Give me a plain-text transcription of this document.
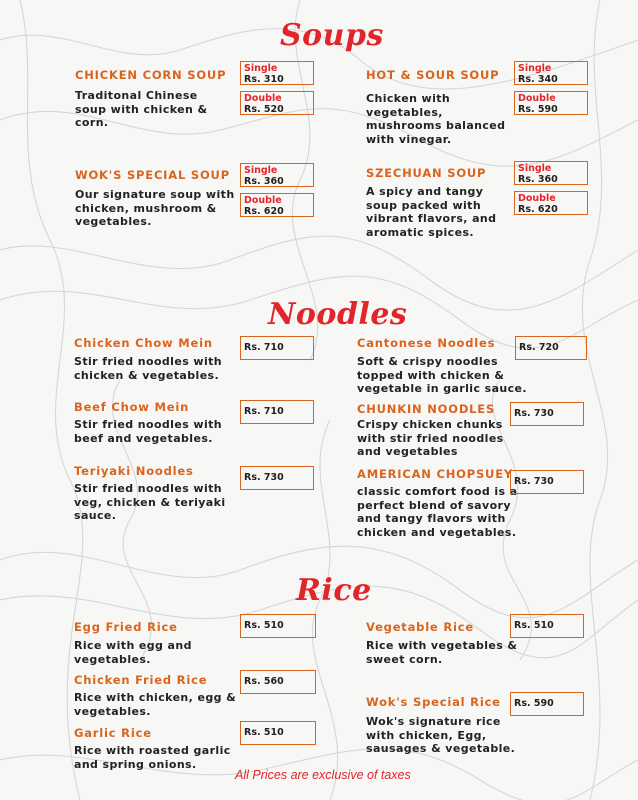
Soups
CHICKEN CORN SOUP
Traditonal Chinese
soup with chicken &
corn.
Single
Rs. 310
Double
Rs. 520
HOT & SOUR SOUP
Chicken with
vegetables,
mushrooms balanced
with vinegar.
Single
Rs. 340
Double
Rs. 590
WOK'S SPECIAL SOUP
Our signature soup with
chicken, mushroom &
vegetables.
Single
Rs. 360
Double
Rs. 620
SZECHUAN SOUP
A spicy and tangy
soup packed with
vibrant flavors, and
aromatic spices.
Single
Rs. 360
Double
Rs. 620
Noodles
Chicken Chow Mein
Stir fried noodles with
chicken & vegetables.
Rs. 710	Cantonese Noodles
Soft & crispy noodles
topped with chicken &
vegetable in garlic sauce.
Rs. 720
Beef Chow Mein
Stir fried noodles with
beef and vegetables.
Rs. 710	CHUNKIN NOODLES
Crispy chicken chunks
with stir fried noodles
and vegetables
Rs. 730
Teriyaki Noodles
Stir fried noodles with
veg, chicken & teriyaki
sauce.
Rs. 730	AMERICAN CHOPSUEY
classic comfort food is a
perfect blend of savory
and tangy flavors with
chicken and vegetables.
Rs. 730
Rice
Egg Fried Rice
Rice with egg and
vegetables.
Rs. 510	Vegetable Rice
Rice with vegetables &
sweet corn.
Rs. 510
Chicken Fried Rice
Rice with chicken, egg &
vegetables.
Rs. 560
Wok's Special Rice
Wok's signature rice
with chicken, Egg,
sausages & vegetable.
Rs. 590
Garlic Rice
Rice with roasted garlic
and spring onions.
Rs. 510
All Prices are exclusive of taxes
